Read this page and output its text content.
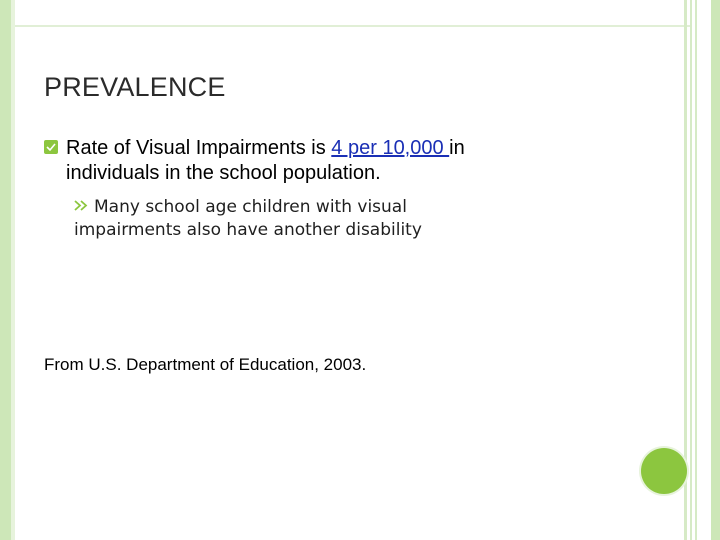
PREVALENCE
Rate of Visual Impairments is 4 per 10,000 in
individuals in the school population.
Many school age children with visual
impairments also have another disability
From U.S. Department of Education, 2003.
